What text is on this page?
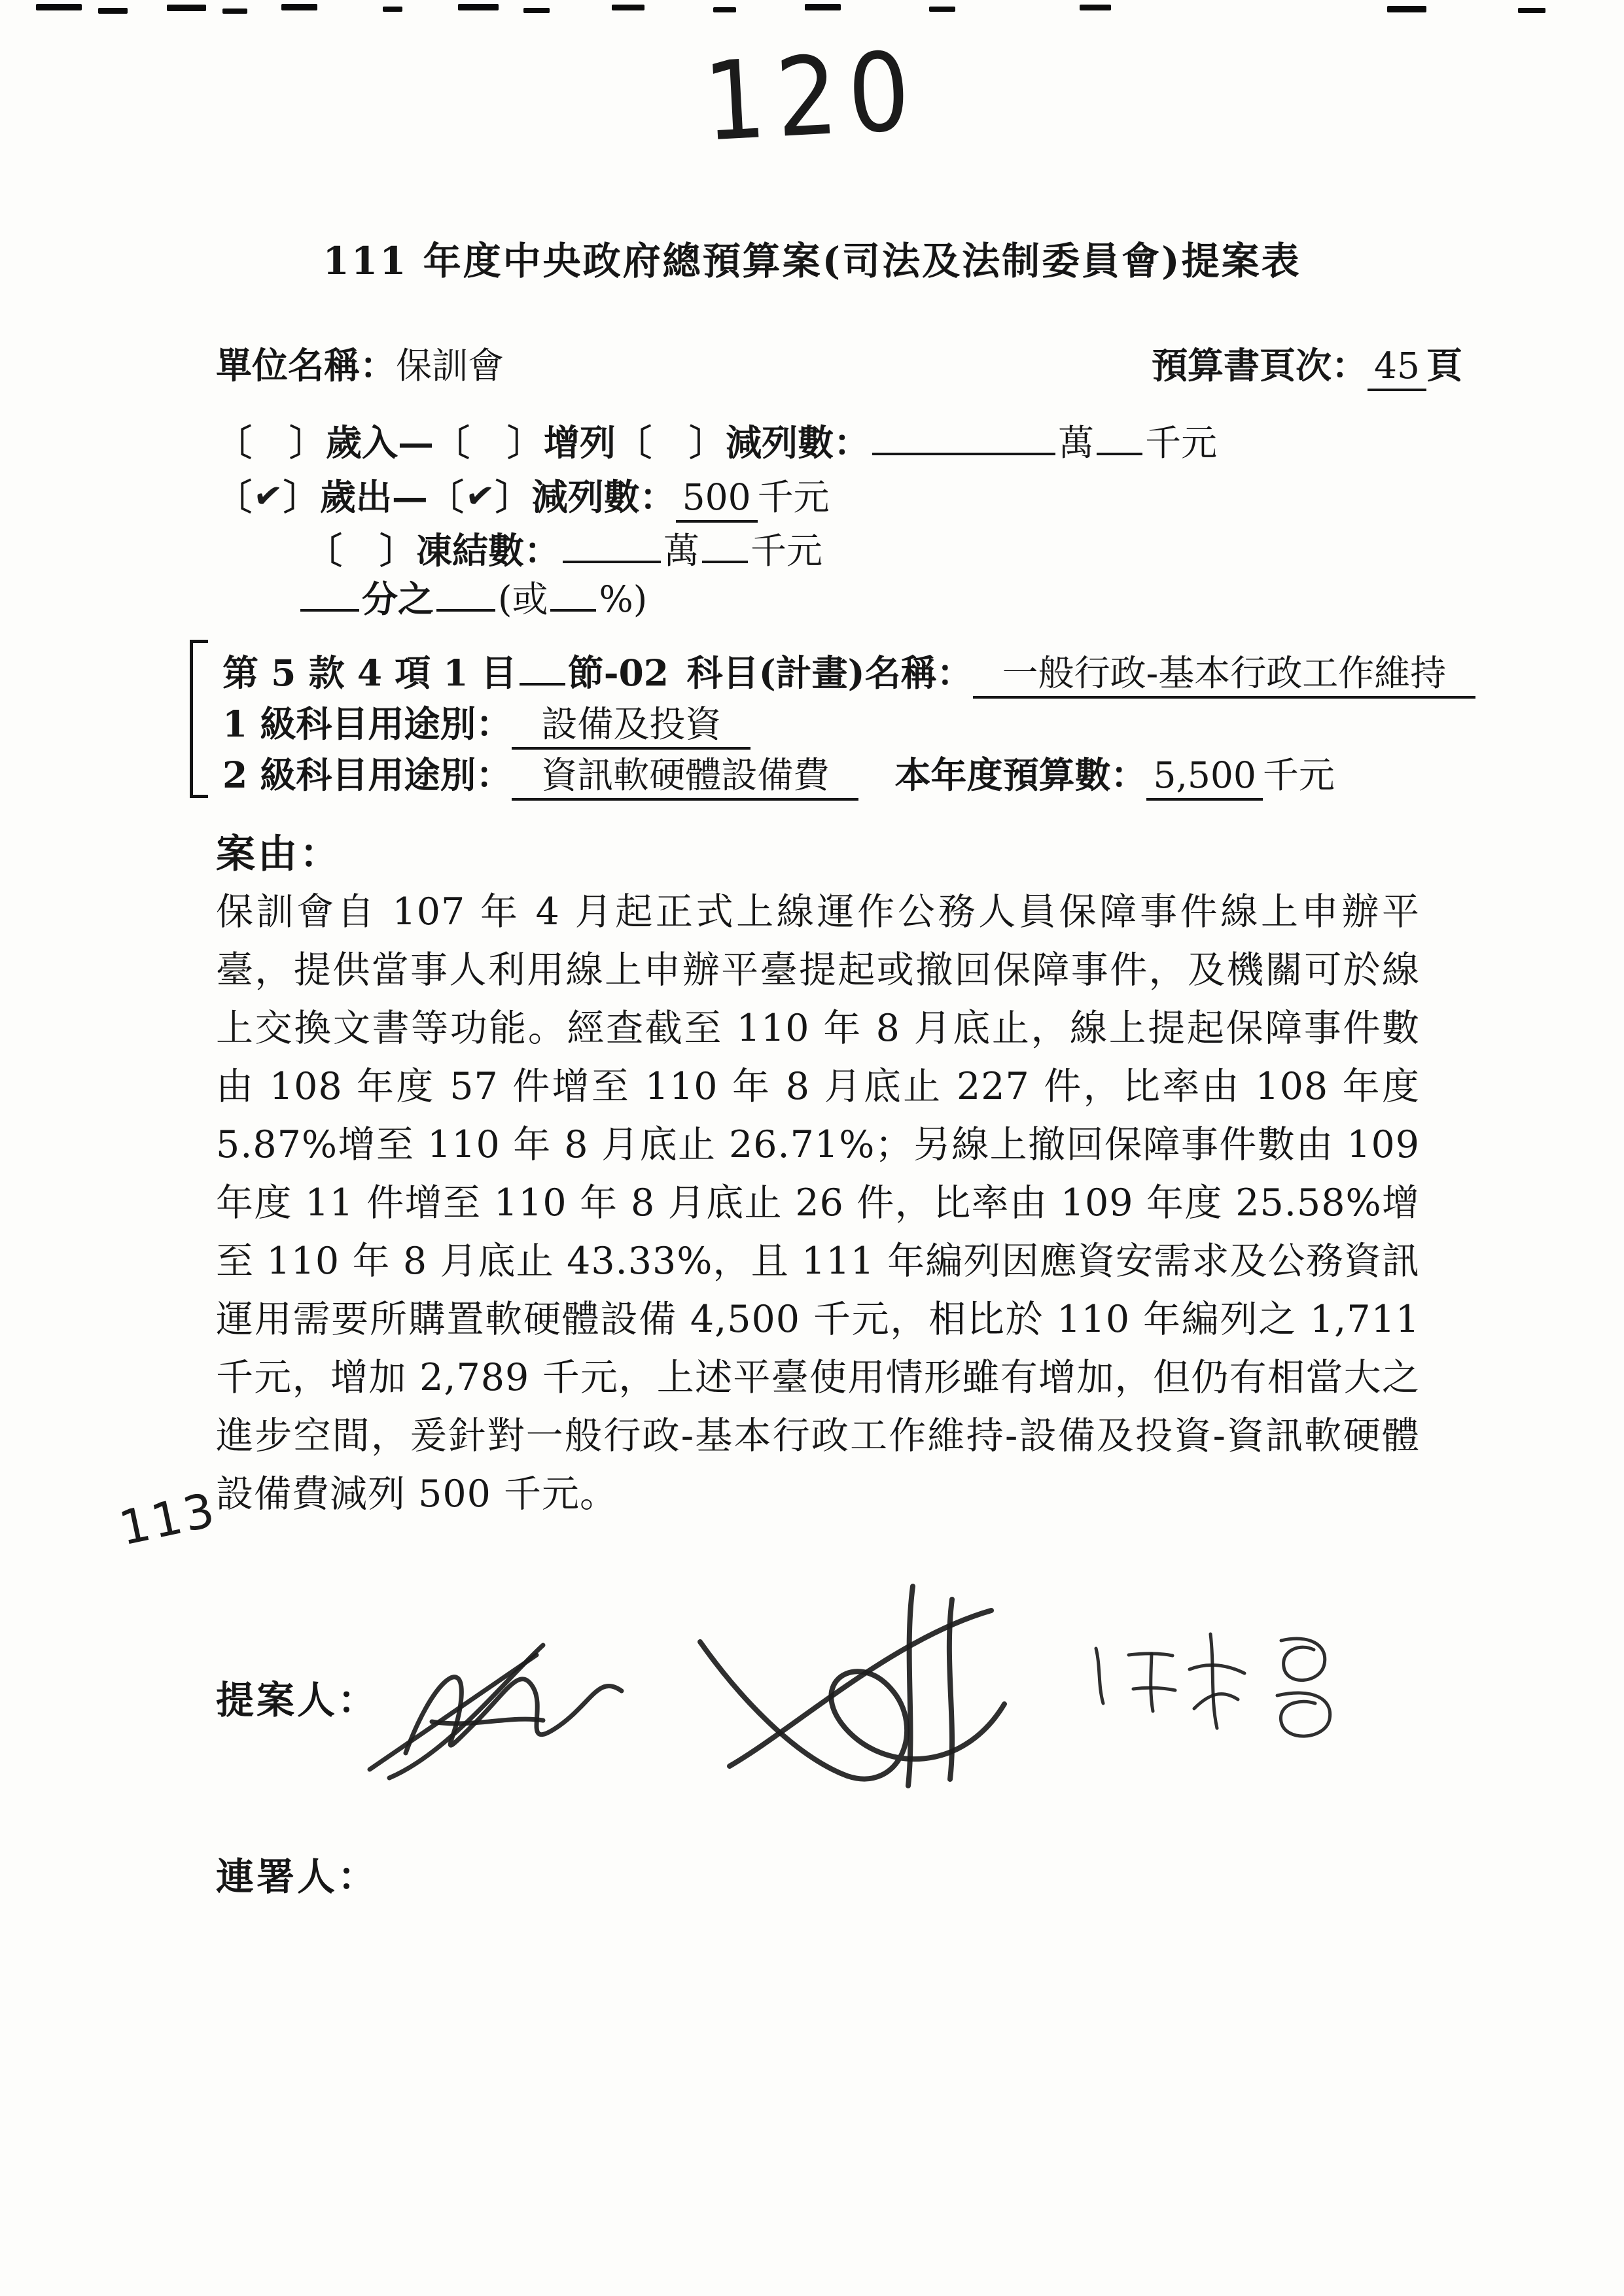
120
111 年度中央政府總預算案(司法及法制委員會)提案表
單位名稱：保訓會	預算書頁次： 45 頁
〔　〕歲入—〔　〕增列〔　〕減列數：	萬 千元
〔✔〕歲出—〔✔〕減列數： 500 千元
〔　〕凍結數：	萬 千元
分之 (或 %)
第 5 款 4 項 1 目 節-02  科目(計畫)名稱： 一般行政-基本行政工作維持
1 級科目用途別： 設備及投資
2 級科目用途別： 資訊軟硬體設備費  本年度預算數： 5,500 千元
案由：
保訓會自 107 年 4 月起正式上線運作公務人員保障事件線上申辦平臺，提供當事人利用線上申辦平臺提起或撤回保障事件，及機關可於線上交換文書等功能。經查截至 110 年 8 月底止，線上提起保障事件數由 108 年度 57 件增至 110 年 8 月底止 227 件，比率由 108 年度 5.87%增至 110 年 8 月底止 26.71%；另線上撤回保障事件數由 109 年度 11 件增至 110 年 8 月底止 26 件，比率由 109 年度 25.58%增至 110 年 8 月底止 43.33%，且 111 年編列因應資安需求及公務資訊運用需要所購置軟硬體設備 4,500 千元，相比於 110 年編列之 1,711 千元，增加 2,789 千元，上述平臺使用情形雖有增加，但仍有相當大之進步空間，爰針對一般行政-基本行政工作維持-設備及投資-資訊軟硬體設備費減列 500 千元。
113
提案人：
連署人：
